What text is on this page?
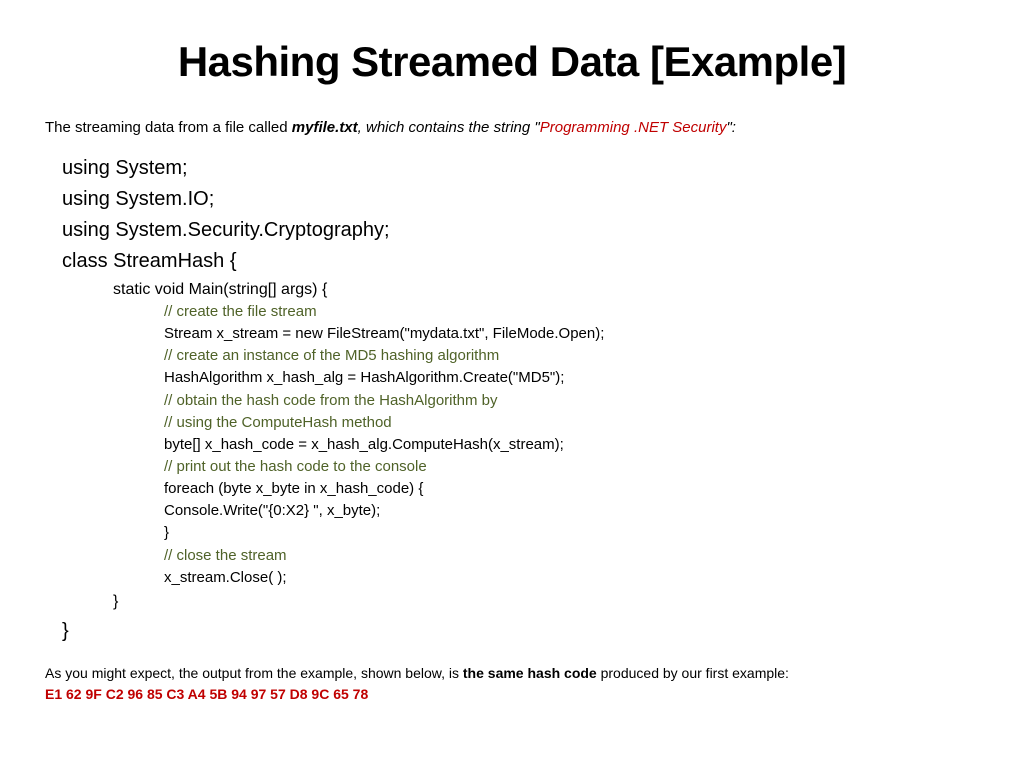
Hashing Streamed Data [Example]
The streaming data from a file called myfile.txt, which contains the string "Programming .NET Security":
using System;
using System.IO;
using System.Security.Cryptography;
class StreamHash {
static void Main(string[] args) {
// create the file stream
Stream x_stream = new FileStream("mydata.txt", FileMode.Open);
// create an instance of the MD5 hashing algorithm
HashAlgorithm x_hash_alg = HashAlgorithm.Create("MD5");
// obtain the hash code from the HashAlgorithm by
// using the ComputeHash method
byte[] x_hash_code = x_hash_alg.ComputeHash(x_stream);
// print out the hash code to the console
foreach (byte x_byte in x_hash_code) {
Console.Write("{0:X2} ", x_byte);
}
// close the stream
x_stream.Close( );
}
}
As you might expect, the output from the example, shown below, is the same hash code produced by our first example:
E1 62 9F C2 96 85 C3 A4 5B 94 97 57 D8 9C 65 78
